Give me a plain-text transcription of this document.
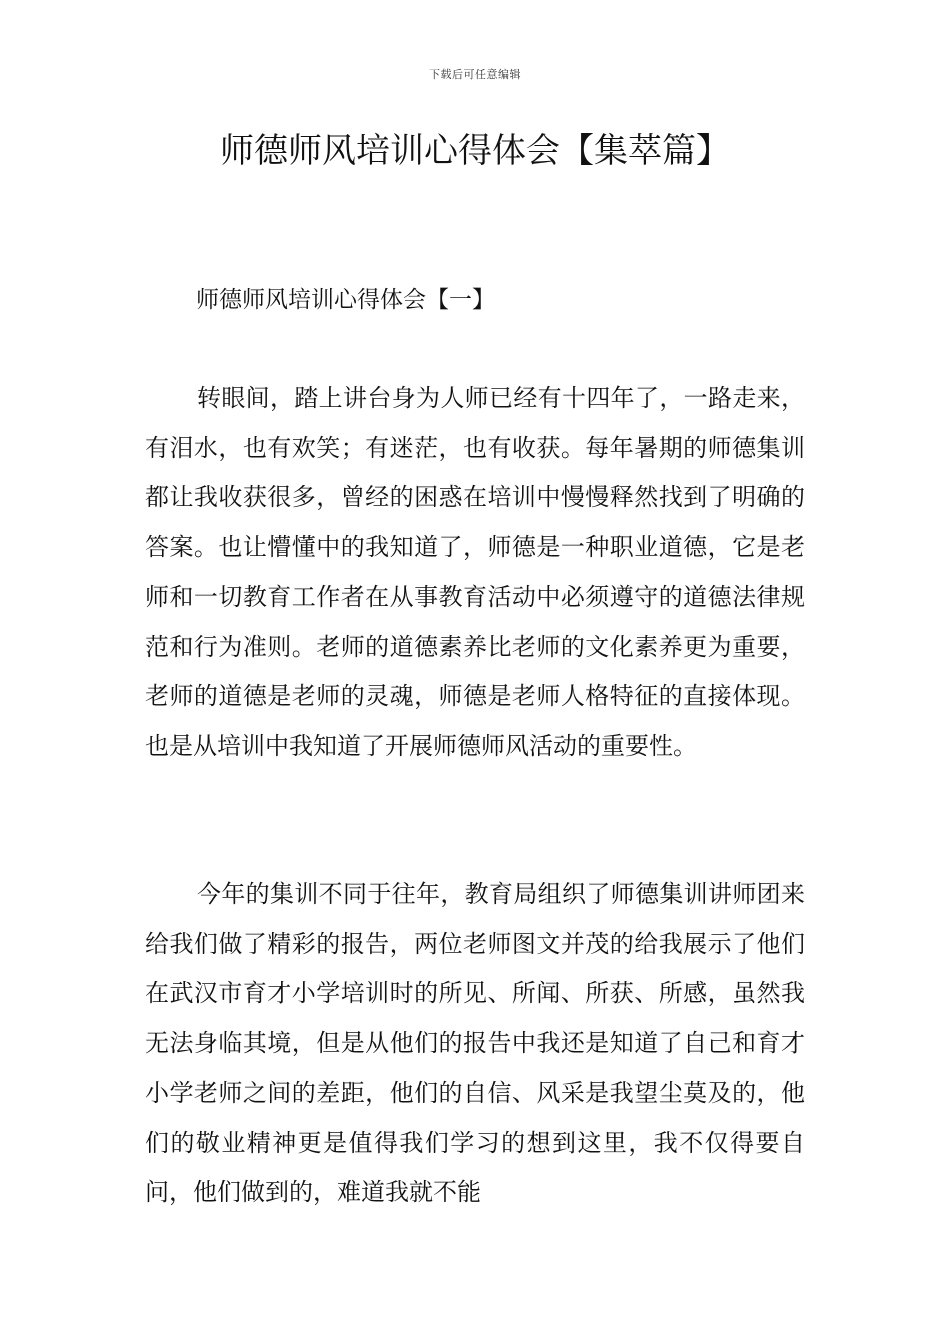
下载后可任意编辑
师德师风培训心得体会【集萃篇】
师德师风培训心得体会【一】

转眼间，踏上讲台身为人师已经有十四年了，一路走来，有泪水，也有欢笑；有迷茫，也有收获。每年暑期的师德集训都让我收获很多，曾经的困惑在培训中慢慢释然找到了明确的答案。也让懵懂中的我知道了，师德是一种职业道德，它是老师和一切教育工作者在从事教育活动中必须遵守的道德法律规范和行为准则。老师的道德素养比老师的文化素养更为重要，老师的道德是老师的灵魂，师德是老师人格特征的直接体现。也是从培训中我知道了开展师德师风活动的重要性。

今年的集训不同于往年，教育局组织了师德集训讲师团来给我们做了精彩的报告，两位老师图文并茂的给我展示了他们在武汉市育才小学培训时的所见、所闻、所获、所感，虽然我无法身临其境，但是从他们的报告中我还是知道了自己和育才小学老师之间的差距，他们的自信、风采是我望尘莫及的，他们的敬业精神更是值得我们学习的想到这里，我不仅得要自问，他们做到的，难道我就不能
